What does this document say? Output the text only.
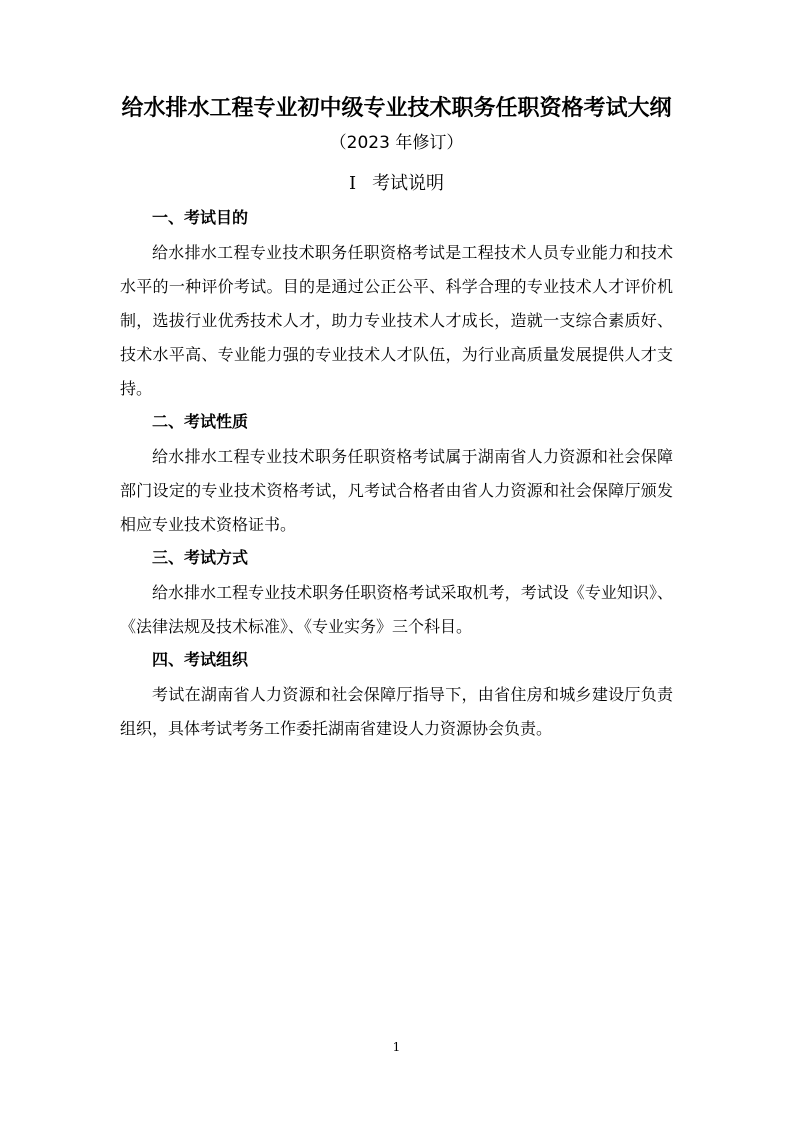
给水排水工程专业初中级专业技术职务任职资格考试大纲
（2023 年修订）
Ⅰ 考试说明
一、考试目的
给水排水工程专业技术职务任职资格考试是工程技术人员专业能力和技术水平的一种评价考试。目的是通过公正公平、科学合理的专业技术人才评价机制，选拔行业优秀技术人才，助力专业技术人才成长，造就一支综合素质好、技术水平高、专业能力强的专业技术人才队伍，为行业高质量发展提供人才支持。
二、考试性质
给水排水工程专业技术职务任职资格考试属于湖南省人力资源和社会保障部门设定的专业技术资格考试，凡考试合格者由省人力资源和社会保障厅颁发相应专业技术资格证书。
三、考试方式
给水排水工程专业技术职务任职资格考试采取机考，考试设《专业知识》、《法律法规及技术标准》、《专业实务》三个科目。
四、考试组织
考试在湖南省人力资源和社会保障厅指导下，由省住房和城乡建设厅负责组织，具体考试考务工作委托湖南省建设人力资源协会负责。
1
